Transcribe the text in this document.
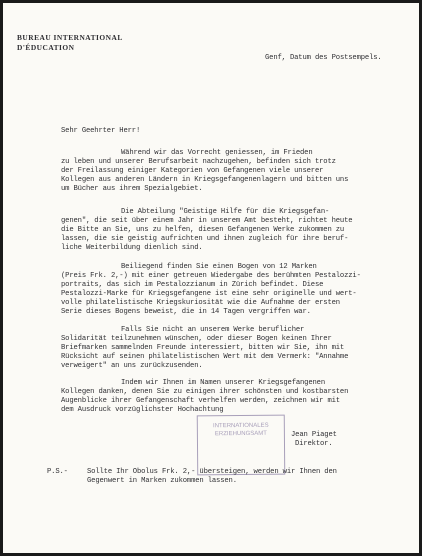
BUREAU INTERNATIONAL
D'ÉDUCATION
Genf, Datum des Postsempels.
Sehr Geehrter Herr!
Während wir das Vorrecht geniessen, im Frieden
zu leben und unserer Berufsarbeit nachzugehen, befinden sich trotz
der Freilassung einiger Kategorien von Gefangenen viele unserer
Kollegen aus anderen Ländern in Kriegsgefangenenlagern und bitten uns
um Bücher aus ihrem Spezialgebiet.
Die Abteilung "Geistige Hilfe für die Kriegsgefan-
genen", die seit über einem Jahr in unserem Amt besteht, richtet heute
die Bitte an Sie, uns zu helfen, diesen Gefangenen Werke zukommen zu
lassen, die sie geistig aufrichten und ihnen zugleich für ihre beruf-
liche Weiterbildung dienlich sind.
Beiliegend finden Sie einen Bogen von 12 Marken
(Preis Frk. 2,-) mit einer getreuen Wiedergabe des berühmten Pestalozzi-
portraits, das sich im Pestalozzianum in Zürich befindet. Diese
Pestalozzi-Marke für Kriegsgefangene ist eine sehr originelle und wert-
volle philatelistische Kriegskuriosität wie die Aufnahme der ersten
Serie dieses Bogens beweist, die in 14 Tagen vergriffen war.
Falls Sie nicht an unserem Werke beruflicher
Solidarität teilzunehmen wünschen, oder dieser Bogen keinen Ihrer
Briefmarken sammelnden Freunde interessiert, bitten wir Sie, ihn mit
Rücksicht auf seinen philatelistischen Wert mit dem Vermerk: "Annahme
verweigert" an uns zurückzusenden.
Indem wir Ihnen im Namen unserer Kriegsgefangenen
Kollegen danken, denen Sie zu einigen ihrer schönsten und kostbarsten
Augenblicke ihrer Gefangenschaft verhelfen werden, zeichnen wir mit
dem Ausdruck vorzüglichster Hochachtung
INTERNATIONALES
ERZIEHUNGSAMT	Jean Piaget
Direktor.
P.S.-	Sollte Ihr Obolus Frk. 2,- übersteigen, werden wir Ihnen den
Gegenwert in Marken zukommen lassen.
